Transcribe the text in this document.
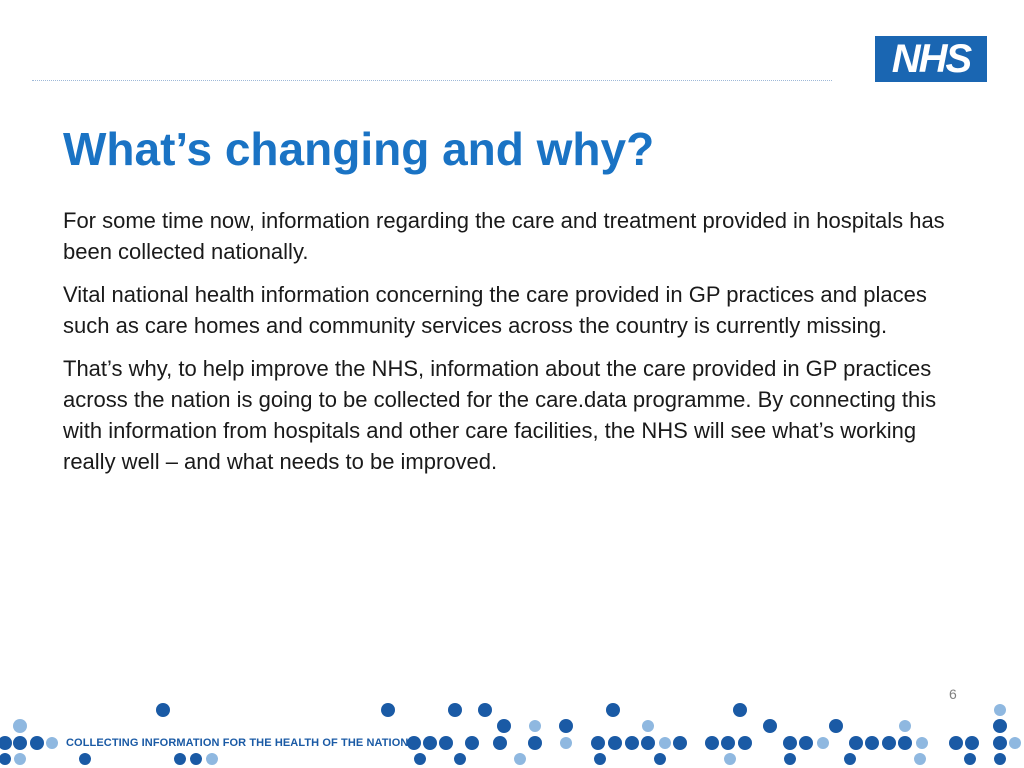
NHS
What’s changing and why?

For some time now, information regarding the care and treatment provided in hospitals has been collected nationally.

Vital national health information concerning the care provided in GP practices and places such as care homes and community services across the country is currently missing.

That’s why, to help improve the NHS, information about the care provided in GP practices across the nation is going to be collected for the care.data programme. By connecting this with information from hospitals and other care facilities, the NHS will see what’s working really well – and what needs to be improved.

6
COLLECTING INFORMATION FOR THE HEALTH OF THE NATION
